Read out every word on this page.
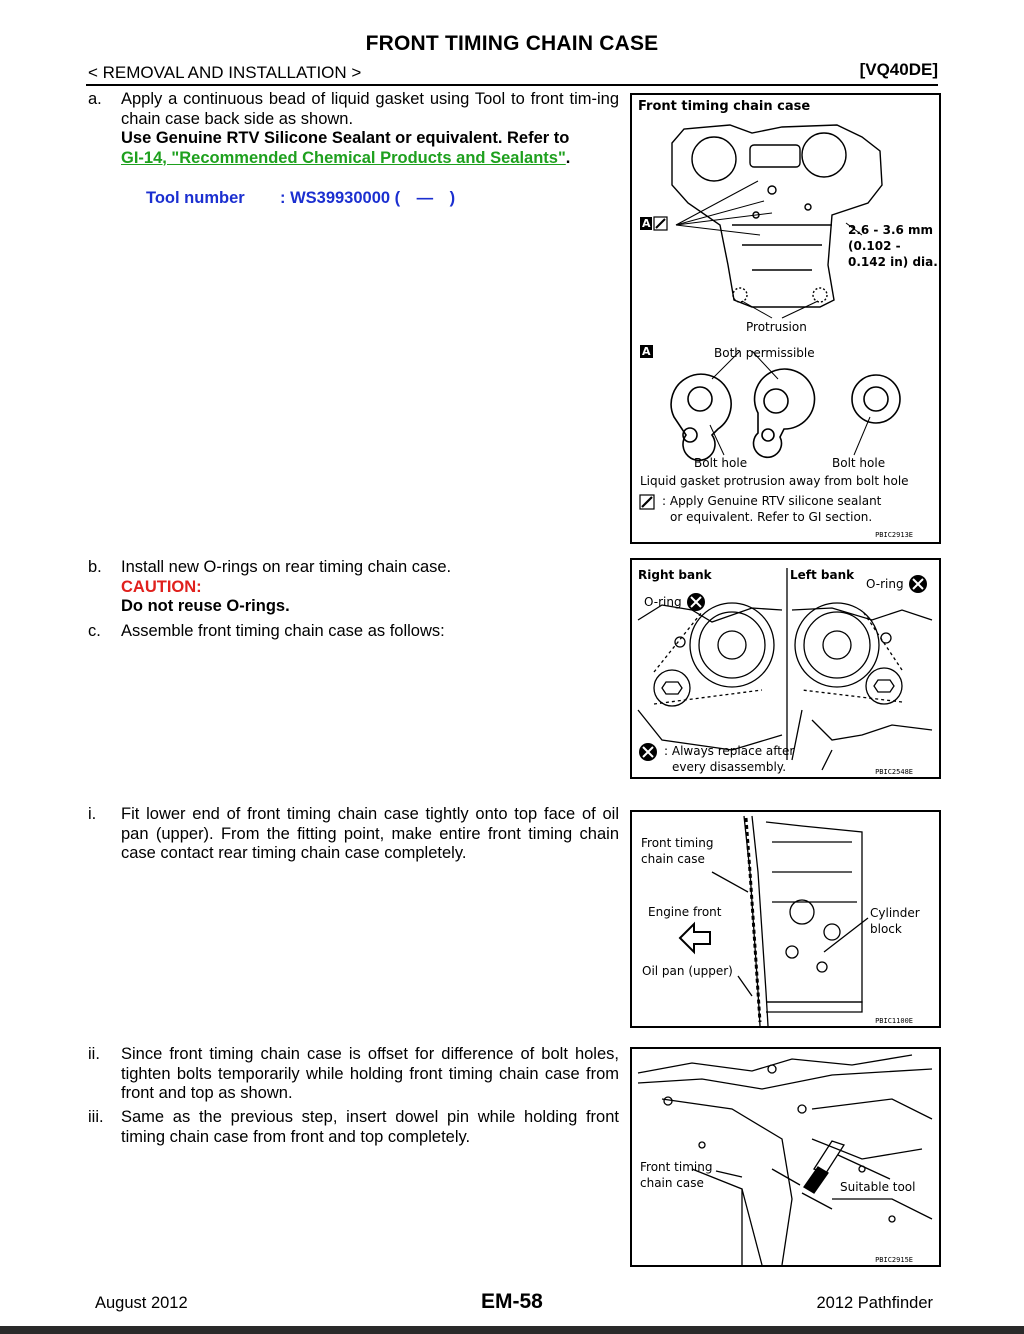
FRONT TIMING CHAIN CASE
< REMOVAL AND INSTALLATION >	[VQ40DE]
a. Apply a continuous bead of liquid gasket using Tool to front tim-ing chain case back side as shown.
Use Genuine RTV Silicone Sealant or equivalent. Refer to
GI-14, "Recommended Chemical Products and Sealants".
Tool number : WS39930000 ( — )
b. Install new O-rings on rear timing chain case.
CAUTION:
Do not reuse O-rings.
c. Assemble front timing chain case as follows:
i. Fit lower end of front timing chain case tightly onto top face of oil pan (upper). From the fitting point, make entire front timing chain case contact rear timing chain case completely.
ii. Since front timing chain case is offset for difference of bolt holes, tighten bolts temporarily while holding front timing chain case from front and top as shown.
iii. Same as the previous step, insert dowel pin while holding front timing chain case from front and top completely.
Front timing chain case
A	2.6 - 3.6 mm
(0.102 -
0.142 in) dia.
Protrusion
A	Both permissible
Bolt hole	Bolt hole
Liquid gasket protrusion away from bolt hole
: Apply Genuine RTV silicone sealant
or equivalent. Refer to GI section.
PBIC2913E
Right bank	Left bank
O-ring
O-ring
: Always replace after
every disassembly.	PBIC2548E
Front timing
chain case
Engine front	Cylinder
block
Oil pan (upper)
PBIC1100E
Front timing
chain case	Suitable tool
PBIC2915E
August 2012	EM-58	2012 Pathfinder
